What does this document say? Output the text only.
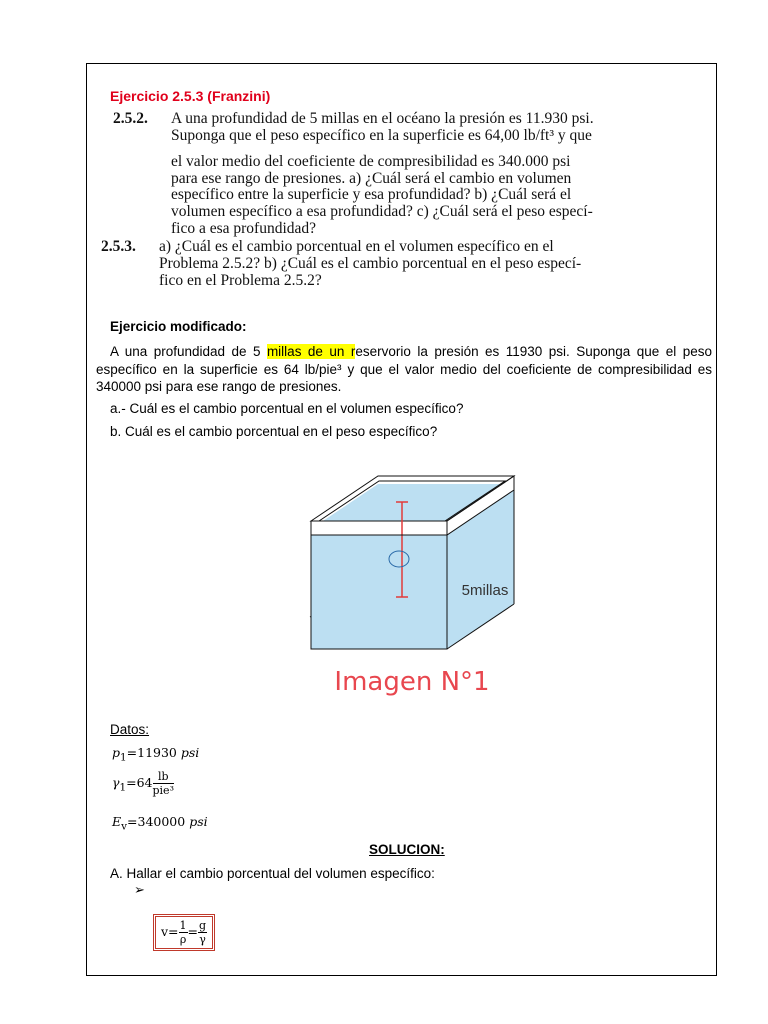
Ejercicio 2.5.3 (Franzini)
2.5.2. A una profundidad de 5 millas en el océano la presión es 11.930 psi.
Suponga que el peso específico en la superficie es 64,00 lb/ft³ y que
el valor medio del coeficiente de compresibilidad es 340.000 psi
para ese rango de presiones. a) ¿Cuál será el cambio en volumen
específico entre la superficie y esa profundidad? b) ¿Cuál será el
volumen específico a esa profundidad? c) ¿Cuál será el peso especí-
fico a esa profundidad?
2.5.3. a) ¿Cuál es el cambio porcentual en el volumen específico en el
Problema 2.5.2? b) ¿Cuál es el cambio porcentual en el peso especí-
fico en el Problema 2.5.2?
Ejercicio modificado:
A una profundidad de 5 millas de un reservorio la presión es 11930 psi. Suponga que el peso específico en la superficie es 64 lb/pie³ y que el valor medio del coeficiente de compresibilidad es 340000 psi para ese rango de presiones.
a.- Cuál es el cambio porcentual en el volumen específico?
b. Cuál es el cambio porcentual en el peso específico?
5millas
Imagen N°1
Datos:
$p_1=11930$ psi
$\gamma_1=64 \frac{lb}{\text{pie³}}$
$E_v=340000$ psi
SOLUCION:
A. Hallar el cambio porcentual del volumen específico:
➢
$v= \frac{1}{\rho} = \frac{g}{\gamma}$
